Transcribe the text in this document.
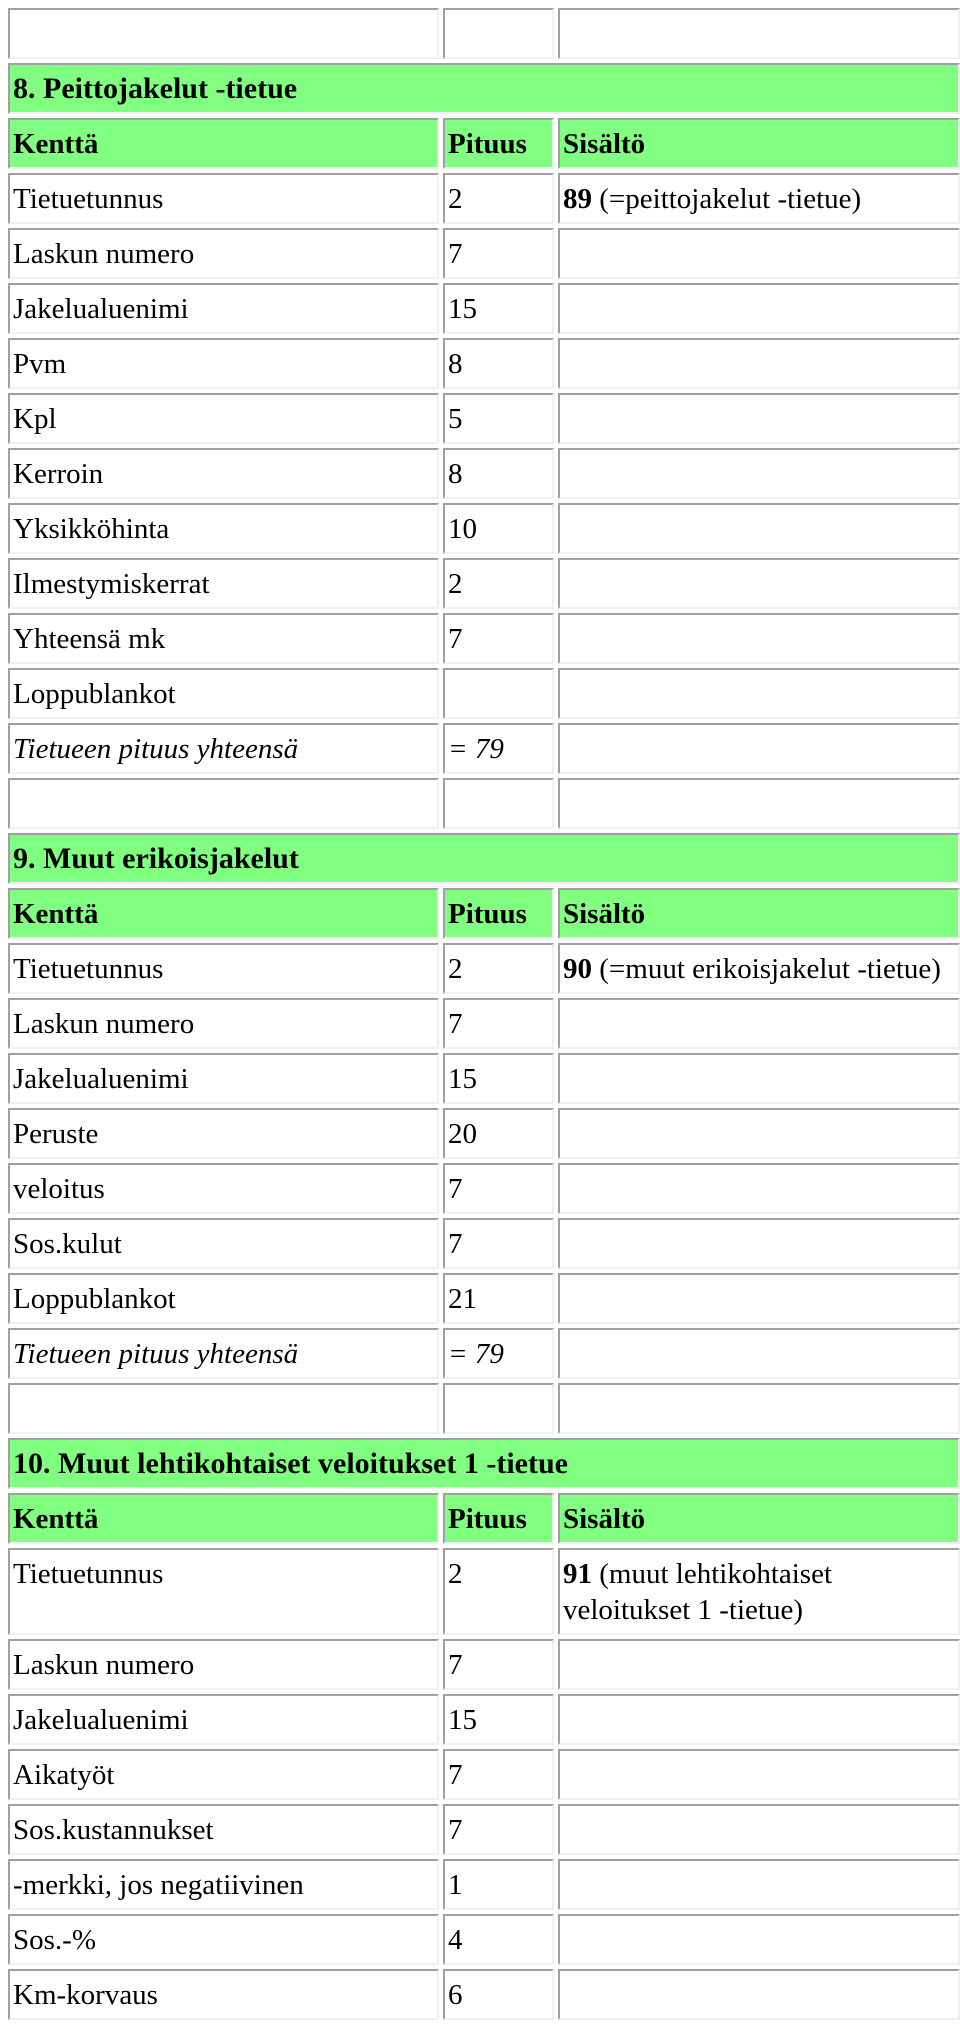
8. Peittojakelut -tietue		
Kenttä	Pituus	Sisältö
Tietuetunnus	2	89 (=peittojakelut -tietue)
Laskun numero	7	
Jakelualuenimi	15	
Pvm	8	
Kpl	5	
Kerroin	8	
Yksikköhinta	10	
Ilmestymiskerrat	2	
Yhteensä mk	7	
Loppublankot		
Tietueen pituus yhteensä	= 79	

9. Muut erikoisjakelut		
Kenttä	Pituus	Sisältö
Tietuetunnus	2	90 (=muut erikoisjakelut -tietue)
Laskun numero	7	
Jakelualuenimi	15	
Peruste	20	
veloitus	7	
Sos.kulut	7	
Loppublankot	21	
Tietueen pituus yhteensä	= 79	

10. Muut lehtikohtaiset veloitukset 1 -tietue		
Kenttä	Pituus	Sisältö
Tietuetunnus	2	91 (muut lehtikohtaiset veloitukset 1 -tietue)
Laskun numero	7	
Jakelualuenimi	15	
Aikatyöt	7	
Sos.kustannukset	7	
-merkki, jos negatiivinen	1	
Sos.-%	4	
Km-korvaus	6	
